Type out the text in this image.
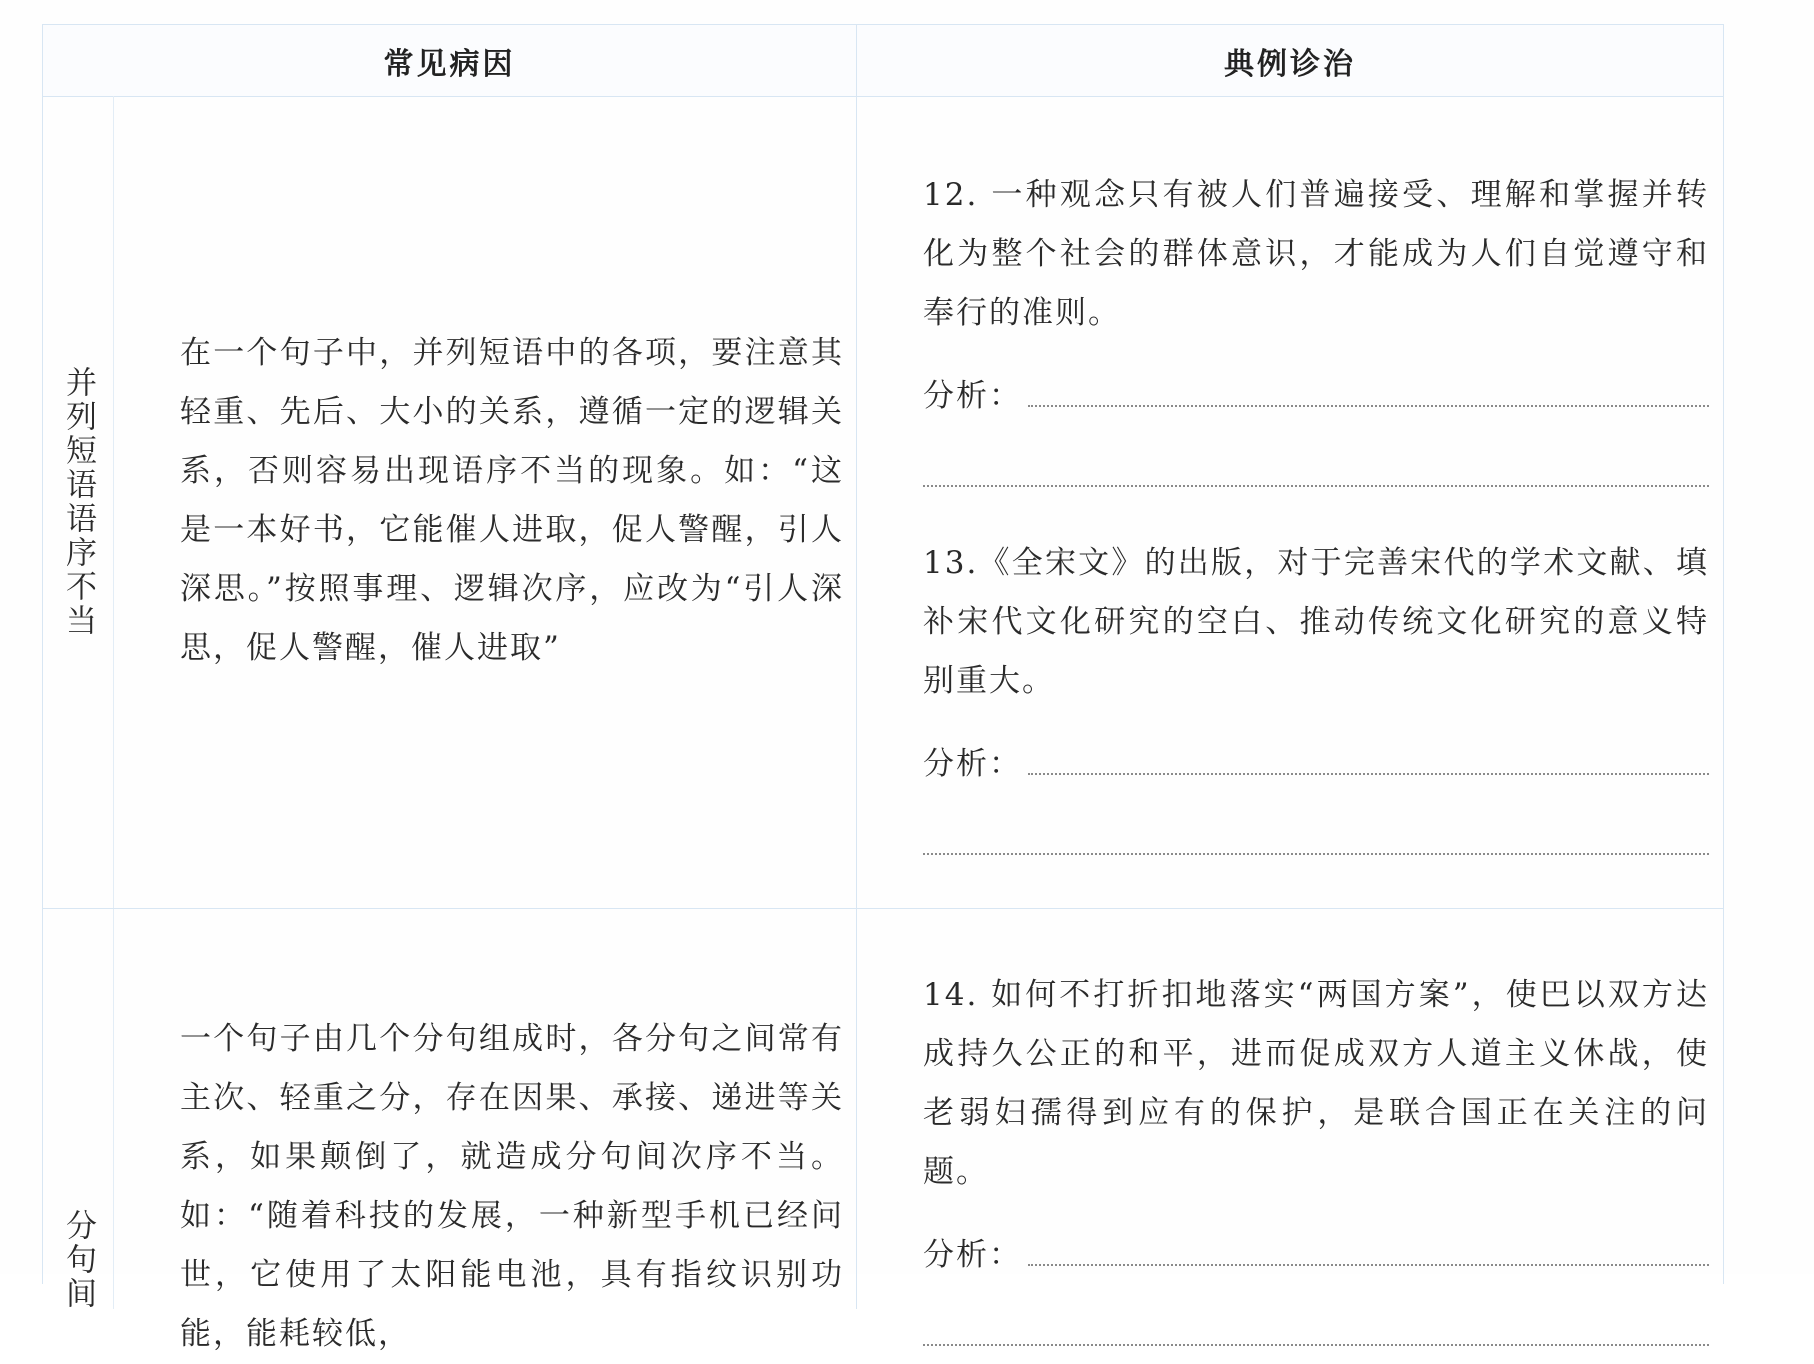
常见病因	典例诊治
并列短语语序不当

在一个句子中，并列短语中的各项，要注意其轻重、先后、大小的关系，遵循一定的逻辑关系，否则容易出现语序不当的现象。如：“这是一本好书，它能催人进取，促人警醒，引人深思。”按照事理、逻辑次序，应改为“引人深思，促人警醒，催人进取”

12. 一种观念只有被人们普遍接受、理解和掌握并转化为整个社会的群体意识，才能成为人们自觉遵守和奉行的准则。

分析：

13.《全宋文》的出版，对于完善宋代的学术文献、填补宋代文化研究的空白、推动传统文化研究的意义特别重大。

分析：
分句间

一个句子由几个分句组成时，各分句之间常有主次、轻重之分，存在因果、承接、递进等关系，如果颠倒了，就造成分句间次序不当。如：“随着科技的发展，一种新型手机已经问世，它使用了太阳能电池，具有指纹识别功能，能耗较低，

14. 如何不打折扣地落实“两国方案”，使巴以双方达成持久公正的和平，进而促成双方人道主义休战，使老弱妇孺得到应有的保护，是联合国正在关注的问题。

分析：
